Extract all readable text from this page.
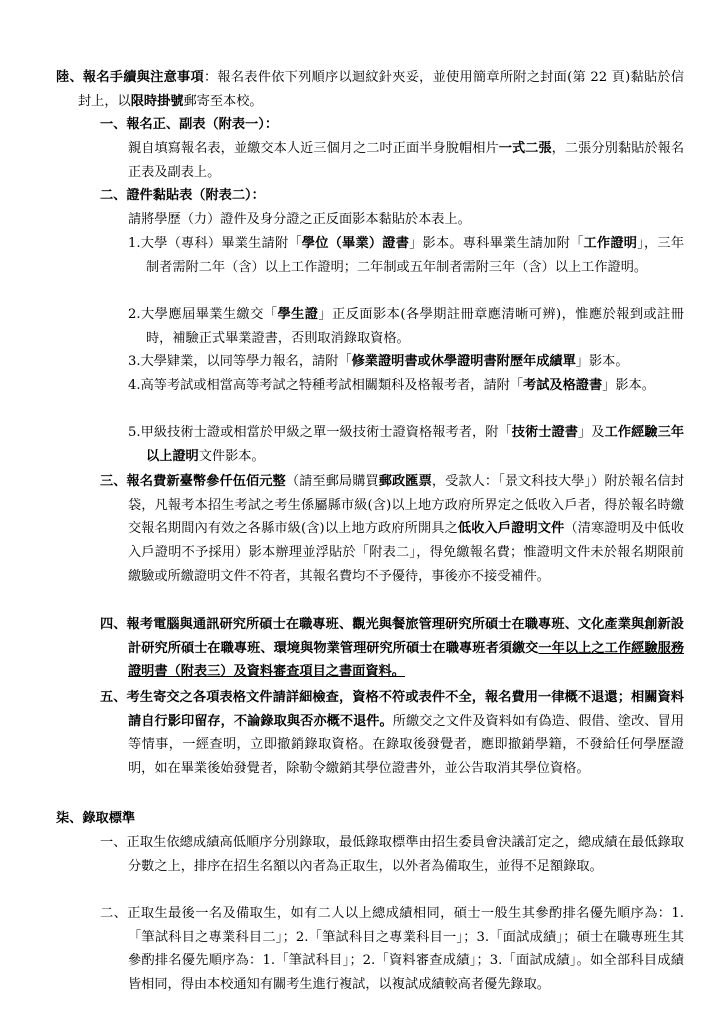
陸、報名手續與注意事項：報名表件依下列順序以迴紋針夾妥，並使用簡章所附之封面(第 22 頁)黏貼於信封上，以限時掛號郵寄至本校。

一、報名正、副表（附表一）：

親自填寫報名表，並繳交本人近三個月之二吋正面半身脫帽相片一式二張，二張分別黏貼於報名正表及副表上。

二、證件黏貼表（附表二）：

請將學歷（力）證件及身分證之正反面影本黏貼於本表上。

1.大學（專科）畢業生請附「學位（畢業）證書」影本。專科畢業生請加附「工作證明」，三年制者需附二年（含）以上工作證明；二年制或五年制者需附三年（含）以上工作證明。

2.大學應屆畢業生繳交「學生證」正反面影本(各學期註冊章應清晰可辨)，惟應於報到或註冊時，補驗正式畢業證書，否則取消錄取資格。

3.大學肄業，以同等學力報名，請附「修業證明書或休學證明書附歷年成績單」影本。

4.高等考試或相當高等考試之特種考試相關類科及格報考者，請附「考試及格證書」影本。

5.甲級技術士證或相當於甲級之單一級技術士證資格報考者，附「技術士證書」及工作經驗三年以上證明文件影本。

三、報名費新臺幣參仟伍佰元整（請至郵局購買郵政匯票，受款人：「景文科技大學」）附於報名信封袋，凡報考本招生考試之考生係屬縣市級(含)以上地方政府所界定之低收入戶者，得於報名時繳交報名期間內有效之各縣市級(含)以上地方政府所開具之低收入戶證明文件（清寒證明及中低收入戶證明不予採用）影本辦理並浮貼於「附表二」，得免繳報名費；惟證明文件未於報名期限前繳驗或所繳證明文件不符者，其報名費均不予優待，事後亦不接受補件。

四、報考電腦與通訊研究所碩士在職專班、觀光與餐旅管理研究所碩士在職專班、文化產業與創新設計研究所碩士在職專班、環境與物業管理研究所碩士在職專班者須繳交一年以上之工作經驗服務證明書（附表三）及資料審查項目之書面資料。

五、考生寄交之各項表格文件請詳細檢查，資格不符或表件不全，報名費用一律概不退還；相關資料請自行影印留存，不論錄取與否亦概不退件。所繳交之文件及資料如有偽造、假借、塗改、冒用等情事，一經查明，立即撤銷錄取資格。在錄取後發覺者，應即撤銷學籍，不發給任何學歷證明，如在畢業後始發覺者，除勒令繳銷其學位證書外，並公告取消其學位資格。

柒、錄取標準

一、正取生依總成績高低順序分別錄取，最低錄取標準由招生委員會決議訂定之，總成績在最低錄取分數之上，排序在招生名額以內者為正取生，以外者為備取生，並得不足額錄取。

二、正取生最後一名及備取生，如有二人以上總成績相同，碩士一般生其參酌排名優先順序為：1.「筆試科目之專業科目二」；2.「筆試科目之專業科目一」；3.「面試成績」；碩士在職專班生其參酌排名優先順序為：1.「筆試科目」；2.「資料審查成績」；3.「面試成績」。如全部科目成績皆相同，得由本校通知有關考生進行複試，以複試成績較高者優先錄取。
